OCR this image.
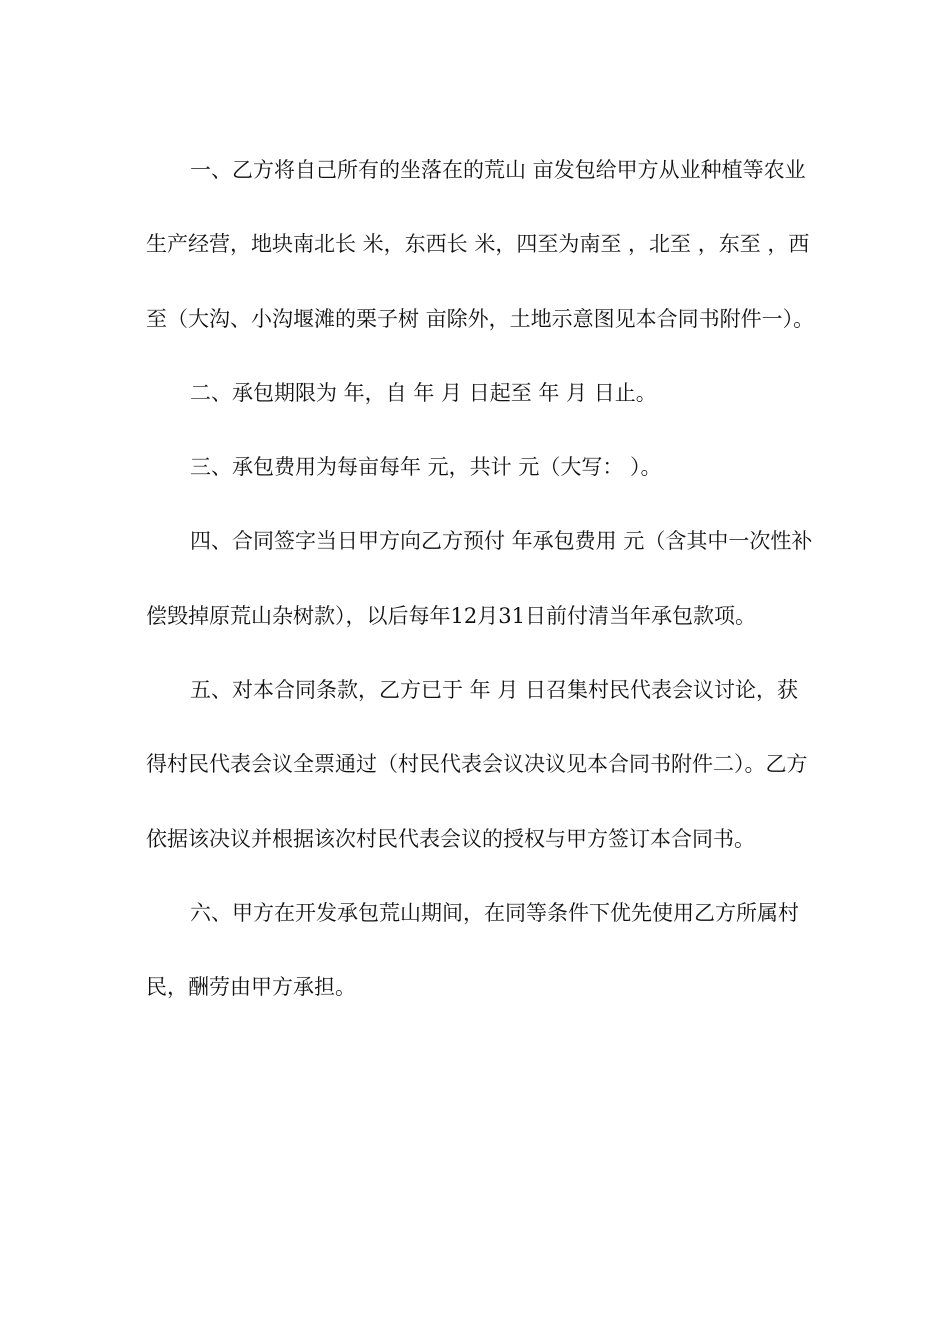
一、乙方将自己所有的坐落在的荒山 亩发包给甲方从业种植等农业生产经营，地块南北长 米，东西长 米，四至为南至 ，北至 ，东至 ，西至（大沟、小沟堰滩的栗子树 亩除外，土地示意图见本合同书附件一）。

二、承包期限为 年，自 年 月 日起至 年 月 日止。

三、承包费用为每亩每年 元，共计 元（大写： ）。

四、合同签字当日甲方向乙方预付 年承包费用 元（含其中一次性补偿毁掉原荒山杂树款），以后每年12月31日前付清当年承包款项。

五、对本合同条款，乙方已于 年 月 日召集村民代表会议讨论，获得村民代表会议全票通过（村民代表会议决议见本合同书附件二）。乙方依据该决议并根据该次村民代表会议的授权与甲方签订本合同书。

六、甲方在开发承包荒山期间，在同等条件下优先使用乙方所属村民，酬劳由甲方承担。
